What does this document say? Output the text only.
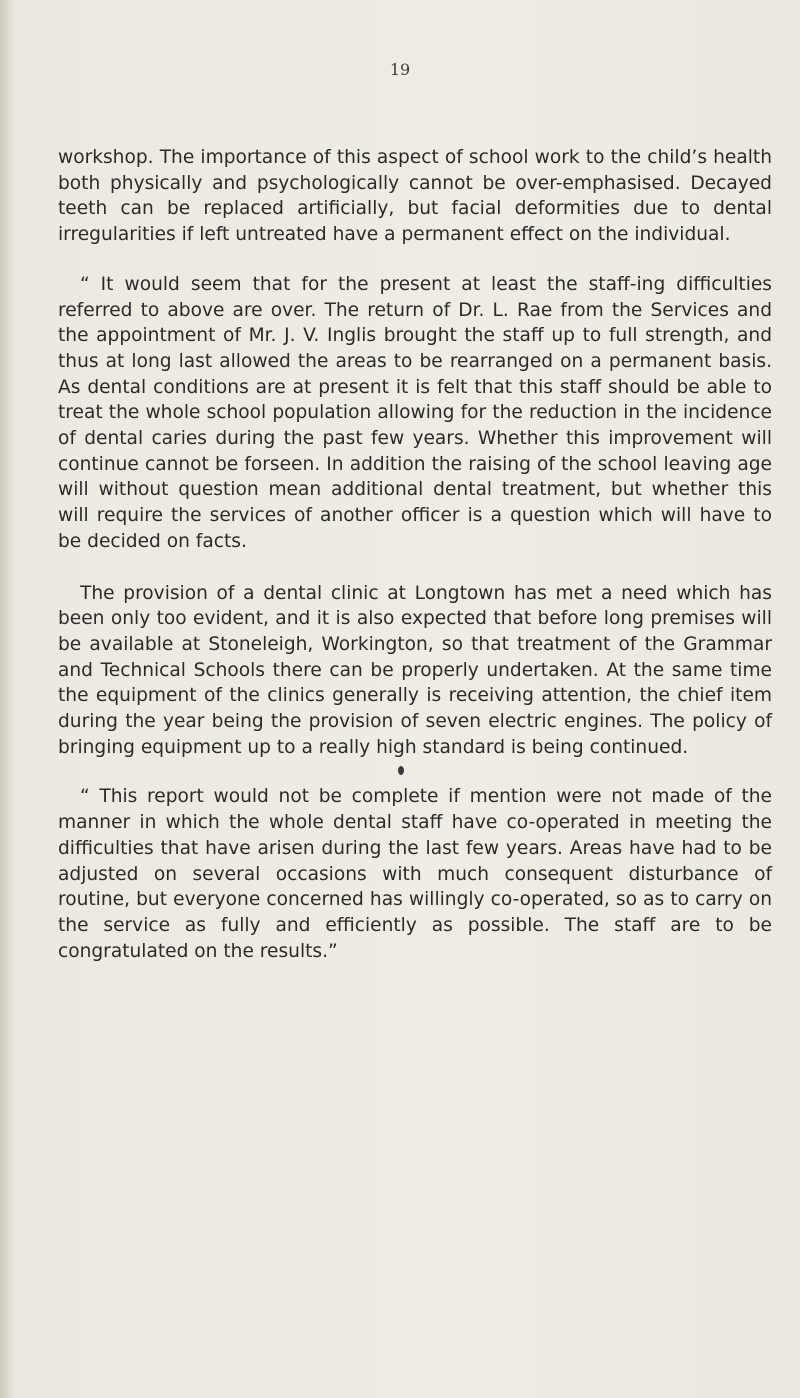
19

workshop. The importance of this aspect of school work to the child’s health both physically and psychologically cannot be over-emphasised. Decayed teeth can be replaced artificially, but facial deformities due to dental irregularities if left untreated have a permanent effect on the individual.

“ It would seem that for the present at least the staff-ing difficulties referred to above are over. The return of Dr. L. Rae from the Services and the appointment of Mr. J. V. Inglis brought the staff up to full strength, and thus at long last allowed the areas to be rearranged on a permanent basis. As dental conditions are at present it is felt that this staff should be able to treat the whole school population allowing for the reduction in the incidence of dental caries during the past few years. Whether this improvement will continue cannot be forseen. In addition the raising of the school leaving age will without question mean additional dental treatment, but whether this will require the services of another officer is a question which will have to be decided on facts.

The provision of a dental clinic at Longtown has met a need which has been only too evident, and it is also expected that before long premises will be available at Stoneleigh, Workington, so that treatment of the Grammar and Technical Schools there can be properly undertaken. At the same time the equipment of the clinics generally is receiving attention, the chief item during the year being the provision of seven electric engines. The policy of bringing equipment up to a really high standard is being continued.

“ This report would not be complete if mention were not made of the manner in which the whole dental staff have co-operated in meeting the difficulties that have arisen during the last few years. Areas have had to be adjusted on several occasions with much consequent disturbance of routine, but everyone concerned has willingly co-operated, so as to carry on the service as fully and efficiently as possible. The staff are to be congratulated on the results.”
